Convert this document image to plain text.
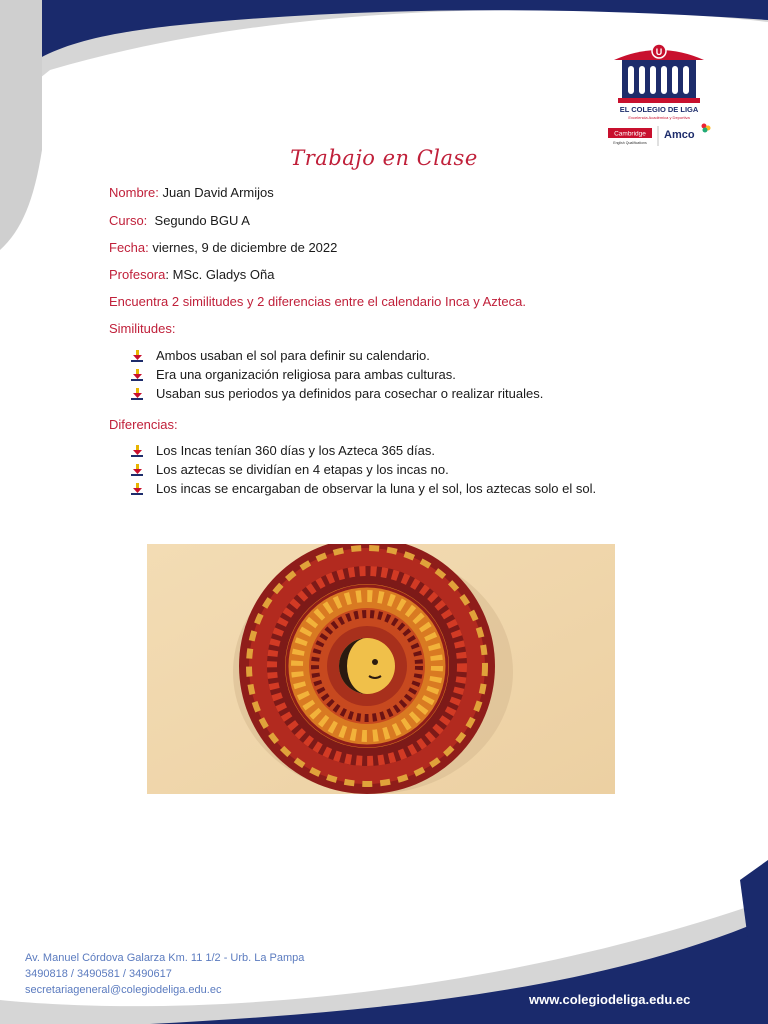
U
EL COLEGIO DE LIGA
Excelencia Académica y Deportiva
Cambridge
English Qualifications
Amco
Trabajo en Clase
Nombre: Juan David Armijos
Curso:  Segundo BGU A
Fecha: viernes, 9 de diciembre de 2022
Profesora: MSc. Gladys Oña
Encuentra 2 similitudes y 2 diferencias entre el calendario Inca y Azteca.
Similitudes:
Ambos usaban el sol para definir su calendario.
Era una organización religiosa para ambas culturas.
Usaban sus periodos ya definidos para cosechar o realizar rituales.
Diferencias:
Los Incas tenían 360 días y los Azteca 365 días.
Los aztecas se dividían en 4 etapas y los incas no.
Los incas se encargaban de observar la luna y el sol, los aztecas solo el sol.
Av. Manuel Córdova Galarza Km. 11 1/2 - Urb. La Pampa
3490818 / 3490581 / 3490617
secretariageneral@colegiodeliga.edu.ec
www.colegiodeliga.edu.ec
